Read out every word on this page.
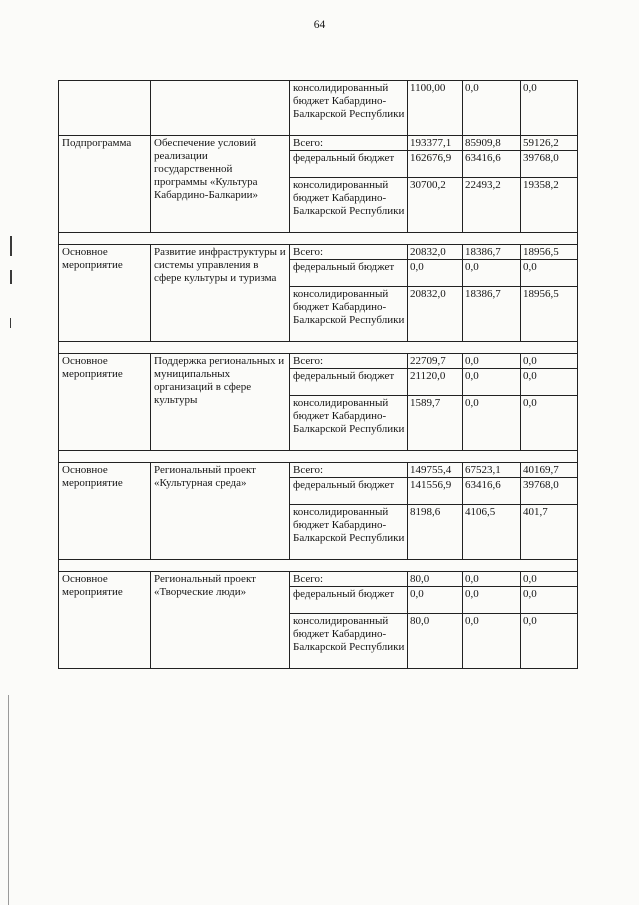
64
		консолидированный бюджет Кабардино-Балкарской Республики	1100,00	0,0	0,0
Подпрограмма	Обеспечение условий реализации государственной программы «Культура Кабардино-Балкарии»	Всего:	193377,1	85909,8	59126,2
		федеральный бюджет	162676,9	63416,6	39768,0
		консолидированный бюджет Кабардино-Балкарской Республики	30700,2	22493,2	19358,2

Основное мероприятие	Развитие инфраструктуры и системы управления в сфере культуры и туризма	Всего:	20832,0	18386,7	18956,5
		федеральный бюджет	0,0	0,0	0,0
		консолидированный бюджет Кабардино-Балкарской Республики	20832,0	18386,7	18956,5

Основное мероприятие	Поддержка региональных и муниципальных организаций в сфере культуры	Всего:	22709,7	0,0	0,0
		федеральный бюджет	21120,0	0,0	0,0
		консолидированный бюджет Кабардино-Балкарской Республики	1589,7	0,0	0,0

Основное мероприятие	Региональный проект «Культурная среда»	Всего:	149755,4	67523,1	40169,7
		федеральный бюджет	141556,9	63416,6	39768,0
		консолидированный бюджет Кабардино-Балкарской Республики	8198,6	4106,5	401,7

Основное мероприятие	Региональный проект «Творческие люди»	Всего:	80,0	0,0	0,0
		федеральный бюджет	0,0	0,0	0,0
		консолидированный бюджет Кабардино-Балкарской Республики	80,0	0,0	0,0
